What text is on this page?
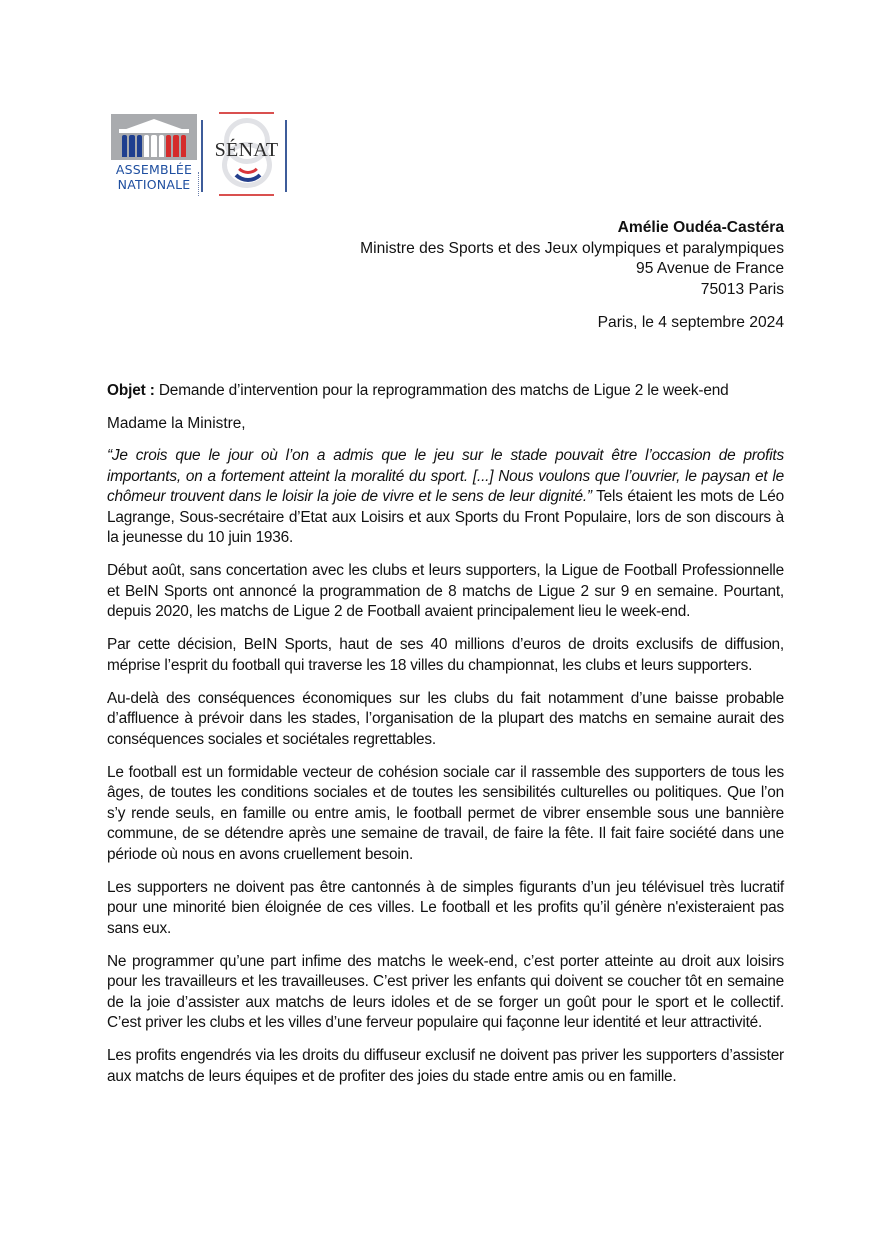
ASSEMBLÉE
NATIONALE
SÉNAT
Amélie Oudéa-Castéra
Ministre des Sports et des Jeux olympiques et paralympiques
95 Avenue de France
75013 Paris
Paris, le 4 septembre 2024
Objet : Demande d’intervention pour la reprogrammation des matchs de Ligue 2 le week-end
Madame la Ministre,

“Je crois que le jour où l’on a admis que le jeu sur le stade pouvait être l’occasion de profits importants, on a fortement atteint la moralité du sport. [...] Nous voulons que l’ouvrier, le paysan et le chômeur trouvent dans le loisir la joie de vivre et le sens de leur dignité.” Tels étaient les mots de Léo Lagrange, Sous-secrétaire d’Etat aux Loisirs et aux Sports du Front Populaire, lors de son discours à la jeunesse du 10 juin 1936.

Début août, sans concertation avec les clubs et leurs supporters, la Ligue de Football Professionnelle et BeIN Sports ont annoncé la programmation de 8 matchs de Ligue 2 sur 9 en semaine. Pourtant, depuis 2020, les matchs de Ligue 2 de Football avaient principalement lieu le week-end.

Par cette décision, BeIN Sports, haut de ses 40 millions d’euros de droits exclusifs de diffusion, méprise l’esprit du football qui traverse les 18 villes du championnat, les clubs et leurs supporters.

Au-delà des conséquences économiques sur les clubs du fait notamment d’une baisse probable d’affluence à prévoir dans les stades, l’organisation de la plupart des matchs en semaine aurait des conséquences sociales et sociétales regrettables.

Le football est un formidable vecteur de cohésion sociale car il rassemble des supporters de tous les âges, de toutes les conditions sociales et de toutes les sensibilités culturelles ou politiques. Que l’on s’y rende seuls, en famille ou entre amis, le football permet de vibrer ensemble sous une bannière commune, de se détendre après une semaine de travail, de faire la fête. Il fait faire société dans une période où nous en avons cruellement besoin.

Les supporters ne doivent pas être cantonnés à de simples figurants d’un jeu télévisuel très lucratif pour une minorité bien éloignée de ces villes. Le football et les profits qu’il génère n'existeraient pas sans eux.

Ne programmer qu’une part infime des matchs le week-end, c’est porter atteinte au droit aux loisirs pour les travailleurs et les travailleuses. C’est priver les enfants qui doivent se coucher tôt en semaine de la joie d’assister aux matchs de leurs idoles et de se forger un goût pour le sport et le collectif. C’est priver les clubs et les villes d’une ferveur populaire qui façonne leur identité et leur attractivité.

Les profits engendrés via les droits du diffuseur exclusif ne doivent pas priver les supporters d’assister aux matchs de leurs équipes et de profiter des joies du stade entre amis ou en famille.
